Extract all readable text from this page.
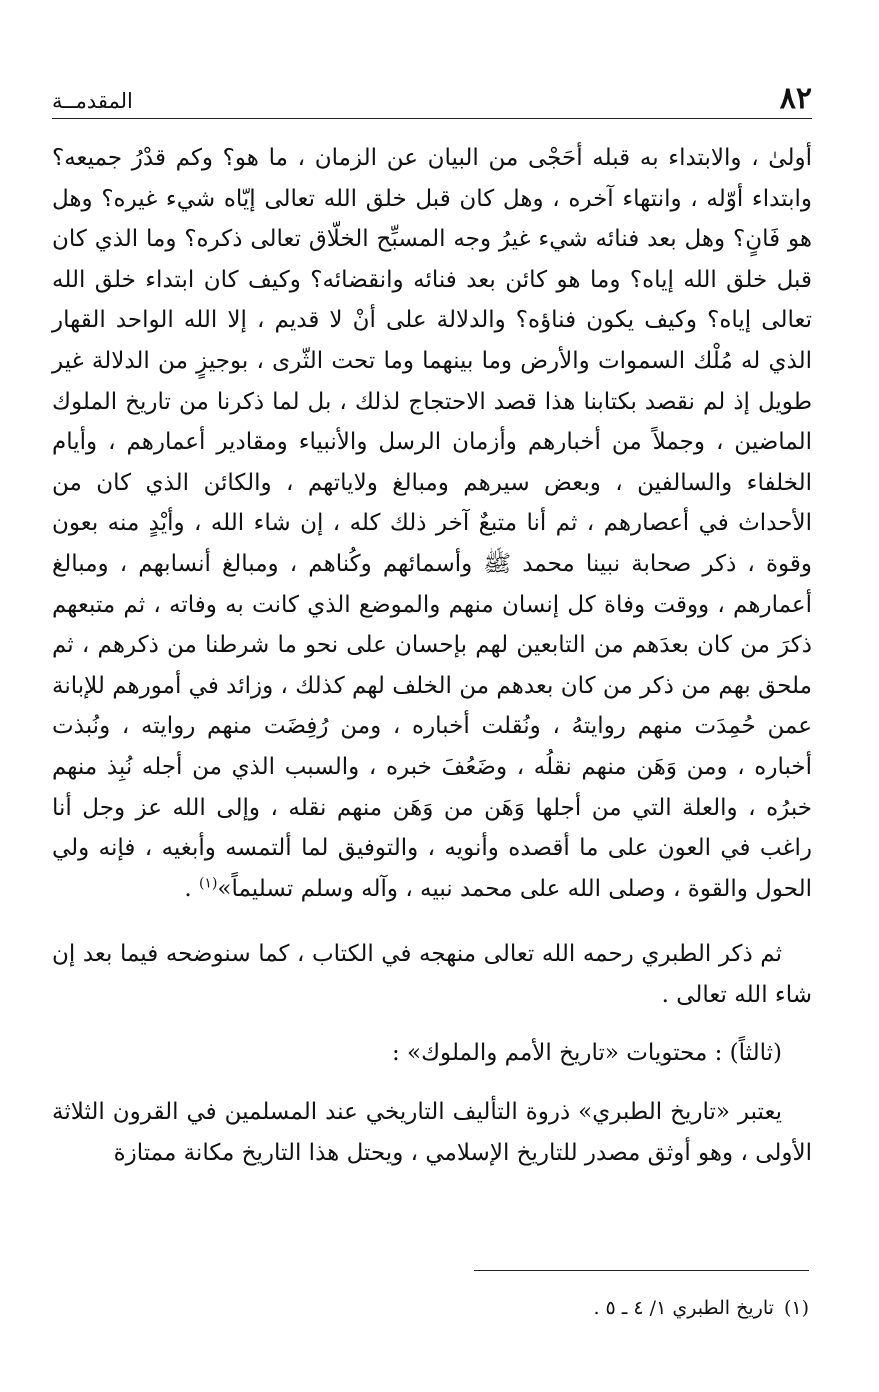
٨٢
المقدمــة

أولىٰ ، والابتداء به قبله أحَجْى من البيان عن الزمان ، ما هو؟ وكم قدْرُ جميعه؟ وابتداء أوّله ، وانتهاء آخره ، وهل كان قبل خلق الله تعالى إيّاه شيء غيره؟ وهل هو فَانٍ؟ وهل بعد فنائه شيء غيرُ وجه المسبِّح الخلّاق تعالى ذكره؟ وما الذي كان قبل خلق الله إياه؟ وما هو كائن بعد فنائه وانقضائه؟ وكيف كان ابتداء خلق الله تعالى إياه؟ وكيف يكون فناؤه؟ والدلالة على أنْ لا قديم ، إلا الله الواحد القهار الذي له مُلْك السموات والأرض وما بينهما وما تحت الثّرى ، بوجيزٍ من الدلالة غير طويل إذ لم نقصد بكتابنا هذا قصد الاحتجاج لذلك ، بل لما ذكرنا من تاريخ الملوك الماضين ، وجملاً من أخبارهم وأزمان الرسل والأنبياء ومقادير أعمارهم ، وأيام الخلفاء والسالفين ، وبعض سيرهم ومبالغ ولاياتهم ، والكائن الذي كان من الأحداث في أعصارهم ، ثم أنا متبعٌ آخر ذلك كله ، إن شاء الله ، وأيْدٍ منه بعون وقوة ، ذكر صحابة نبينا محمد ﷺ وأسمائهم وكُناهم ، ومبالغ أنسابهم ، ومبالغ أعمارهم ، ووقت وفاة كل إنسان منهم والموضع الذي كانت به وفاته ، ثم متبعهم ذكرَ من كان بعدَهم من التابعين لهم بإحسان على نحو ما شرطنا من ذكرهم ، ثم ملحق بهم من ذكر من كان بعدهم من الخلف لهم كذلك ، وزائد في أمورهم للإبانة عمن حُمِدَت منهم روايتهُ ، ونُقلت أخباره ، ومن رُفِضَت منهم روايته ، ونُبذت أخباره ، ومن وَهَن منهم نقلُه ، وضَعُفَ خبره ، والسبب الذي من أجله نُبِذ منهم خبرُه ، والعلة التي من أجلها وَهَن من وَهَن منهم نقله ، وإلى الله عز وجل أنا راغب في العون على ما أقصده وأنويه ، والتوفيق لما ألتمسه وأبغيه ، فإنه ولي الحول والقوة ، وصلى الله على محمد نبيه ، وآله وسلم تسليماً»$^{(١)}$ .

ثم ذكر الطبري رحمه الله تعالى منهجه في الكتاب ، كما سنوضحه فيما بعد إن شاء الله تعالى .

(ثالثاً) : محتويات «تاريخ الأمم والملوك» :

يعتبر «تاريخ الطبري» ذروة التأليف التاريخي عند المسلمين في القرون الثلاثة الأولى ، وهو أوثق مصدر للتاريخ الإسلامي ، ويحتل هذا التاريخ مكانة ممتازة

(١)تاريخ الطبري ١/ ٤ ـ ٥ .
